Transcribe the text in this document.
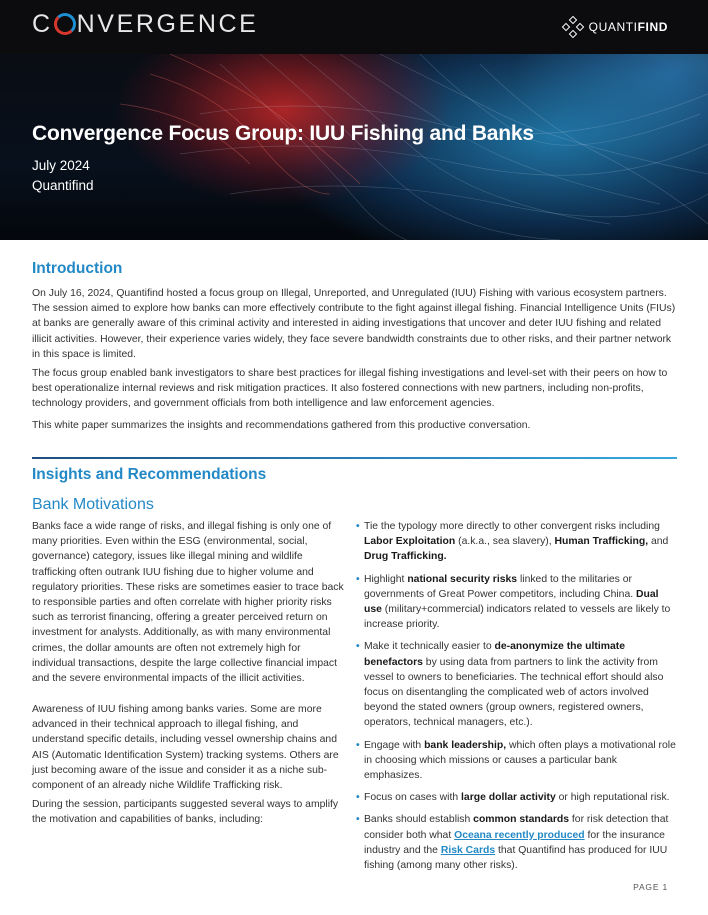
C NVERGENCE	QUANTIFIND
Convergence Focus Group: IUU Fishing and Banks
July 2024
Quantifind
Introduction
On July 16, 2024, Quantifind hosted a focus group on Illegal, Unreported, and Unregulated (IUU) Fishing with various ecosystem partners. The session aimed to explore how banks can more effectively contribute to the fight against illegal fishing. Financial Intelligence Units (FIUs) at banks are generally aware of this criminal activity and interested in aiding investigations that uncover and deter IUU fishing and related illicit activities. However, their experience varies widely, they face severe bandwidth constraints due to other risks, and their partner network in this space is limited.
The focus group enabled bank investigators to share best practices for illegal fishing investigations and level-set with their peers on how to best operationalize internal reviews and risk mitigation practices. It also fostered connections with new partners, including non-profits, technology providers, and government officials from both intelligence and law enforcement agencies.
This white paper summarizes the insights and recommendations gathered from this productive conversation.
Insights and Recommendations
Bank Motivations
Banks face a wide range of risks, and illegal fishing is only one of many priorities. Even within the ESG (environmental, social, governance) category, issues like illegal mining and wildlife trafficking often outrank IUU fishing due to higher volume and regulatory priorities. These risks are sometimes easier to trace back to responsible parties and often correlate with higher priority risks such as terrorist financing, offering a greater perceived return on investment for analysts. Additionally, as with many environmental crimes, the dollar amounts are often not extremely high for individual transactions, despite the large collective financial impact and the severe environmental impacts of the illicit activities.
Awareness of IUU fishing among banks varies. Some are more advanced in their technical approach to illegal fishing, and understand specific details, including vessel ownership chains and AIS (Automatic Identification System) tracking systems. Others are just becoming aware of the issue and consider it as a niche sub-component of an already niche Wildlife Trafficking risk.
During the session, participants suggested several ways to amplify the motivation and capabilities of banks, including:
• Tie the typology more directly to other convergent risks including Labor Exploitation (a.k.a., sea slavery), Human Trafficking, and Drug Trafficking.
• Highlight national security risks linked to the militaries or governments of Great Power competitors, including China. Dual use (military+commercial) indicators related to vessels are likely to increase priority.
• Make it technically easier to de-anonymize the ultimate benefactors by using data from partners to link the activity from vessel to owners to beneficiaries. The technical effort should also focus on disentangling the complicated web of actors involved beyond the stated owners (group owners, registered owners, operators, technical managers, etc.).
• Engage with bank leadership, which often plays a motivational role in choosing which missions or causes a particular bank emphasizes.
• Focus on cases with large dollar activity or high reputational risk.
• Banks should establish common standards for risk detection that consider both what Oceana recently produced for the insurance industry and the Risk Cards that Quantifind has produced for IUU fishing (among many other risks).
PAGE 1
